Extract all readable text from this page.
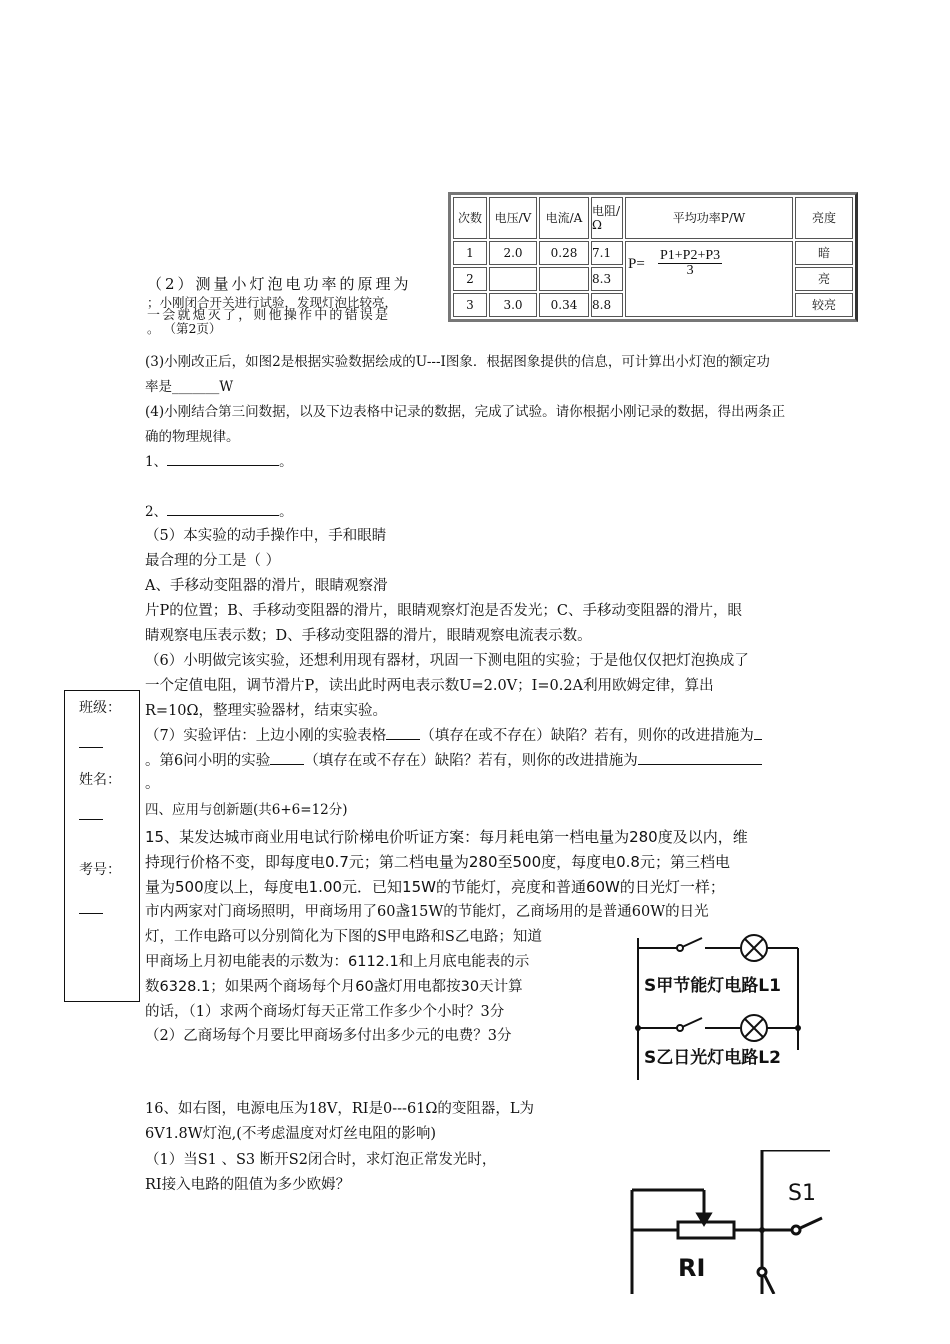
次数	电压/V	电流/A	电阻/Ω	平均功率P/W	亮度
1	2.0	0.28	7.1	$P= \frac{P1+P2+P3}{3}$	暗
2			8.3		亮
3	3.0	0.34	8.8		较亮
（2）测量小灯泡电功率的原理为
；小刚闭合开关进行试验，发现灯泡比较亮，
一会就熄灭了，则他操作中的错误是
。 （第2页）
(3)小刚改正后，如图2是根据实验数据绘成的U---I图象．根据图象提供的信息，可计算出小灯泡的额定功
率是_______W
(4)小刚结合第三问数据，以及下边表格中记录的数据，完成了试验。请你根据小刚记录的数据，得出两条正
确的物理规律。
1、	。
2、	。
（5）本实验的动手操作中，手和眼睛
最合理的分工是（ ）
A、手移动变阻器的滑片，眼睛观察滑
片P的位置；B、手移动变阻器的滑片，眼睛观察灯泡是否发光；C、手移动变阻器的滑片，眼
睛观察电压表示数；D、手移动变阻器的滑片，眼睛观察电流表示数。
（6）小明做完该实验，还想利用现有器材，巩固一下测电阻的实验；于是他仅仅把灯泡换成了
一个定值电阻，调节滑片P，读出此时两电表示数U=2.0V；I=0.2A利用欧姆定律，算出
R=10Ω，整理实验器材，结束实验。
（7）实验评估：上边小刚的实验表格 （填存在或不存在）缺陷？若有，则你的改进措施为
。第6问小明的实验 （填存在或不存在）缺陷？若有，则你的改进措施为
。
四、应用与创新题(共6+6=12分)
班级：
姓名：
考号：
15、某发达城市商业用电试行阶梯电价听证方案：每月耗电第一档电量为280度及以内，维
持现行价格不变，即每度电0.7元；第二档电量为280至500度，每度电0.8元；第三档电
量为500度以上，每度电1.00元．已知15W的节能灯，亮度和普通60W的日光灯一样；
市内两家对门商场照明，甲商场用了60盏15W的节能灯，乙商场用的是普通60W的日光
灯，工作电路可以分别简化为下图的S甲电路和S乙电路；知道
甲商场上月初电能表的示数为：6112.1和上月底电能表的示
数6328.1；如果两个商场每个月60盏灯用电都按30天计算
的话，（1）求两个商场灯每天正常工作多少个小时？3分
（2）乙商场每个月要比甲商场多付出多少元的电费？3分
S甲节能灯电路L1
S乙日光灯电路L2
16、如右图，电源电压为18V，RI是0---61Ω的变阻器，L为
6V1.8W灯泡,(不考虑温度对灯丝电阻的影响)
（1）当S1 、S3 断开S2闭合时，求灯泡正常发光时，
RI接入电路的阻值为多少欧姆？
RI
S1
